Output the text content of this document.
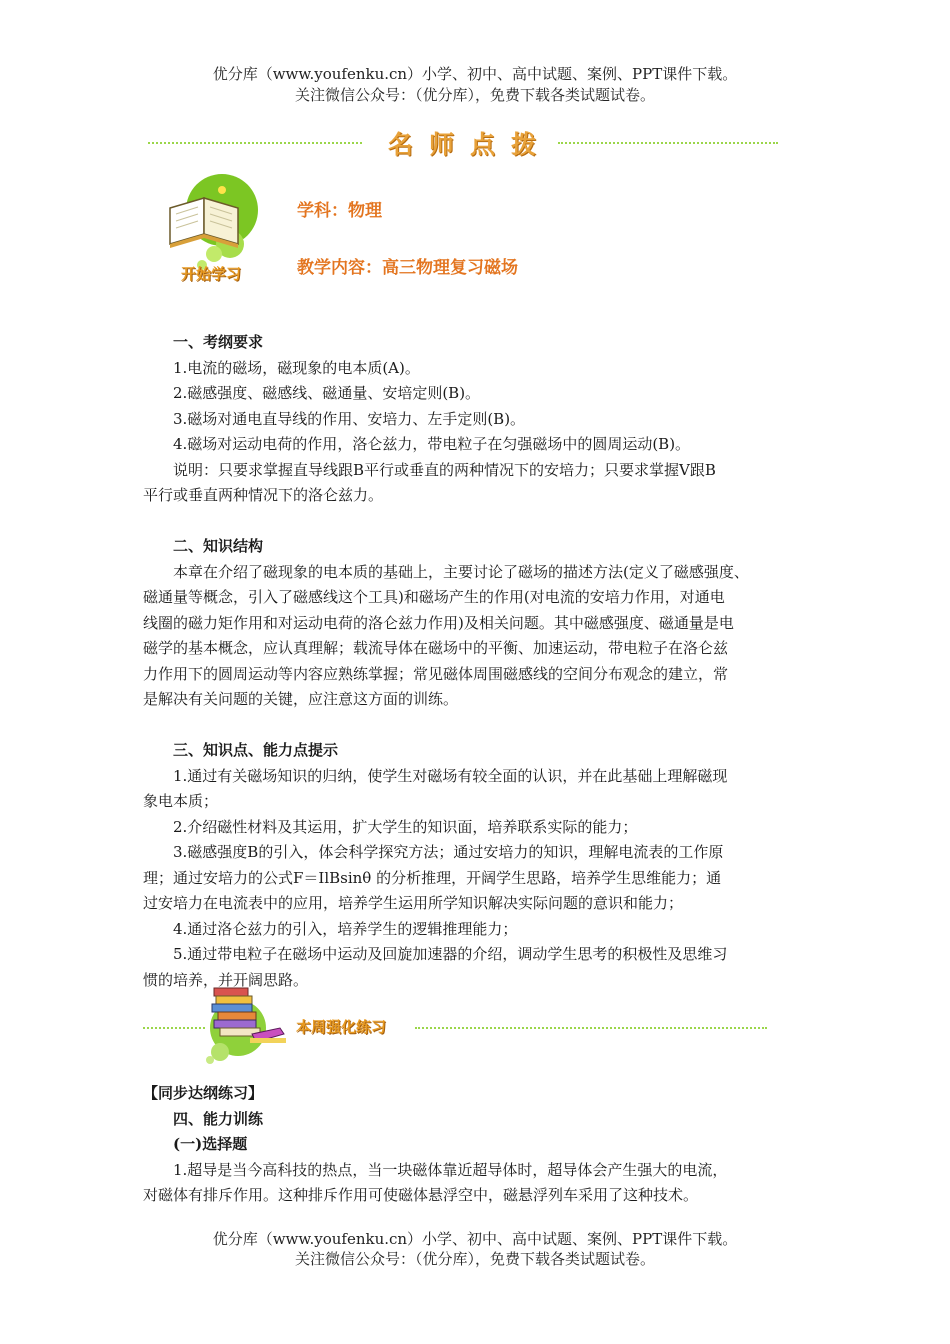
优分库（www.youfenku.cn）小学、初中、高中试题、案例、PPT课件下载。
关注微信公众号：（优分库），免费下载各类试题试卷。
名师点拨
开始学习
学科：物理
教学内容：高三物理复习磁场

一、考纲要求

1.电流的磁场，磁现象的电本质(A)。

2.磁感强度、磁感线、磁通量、安培定则(B)。

3.磁场对通电直导线的作用、安培力、左手定则(B)。

4.磁场对运动电荷的作用，洛仑兹力，带电粒子在匀强磁场中的圆周运动(B)。

说明：只要求掌握直导线跟B平行或垂直的两种情况下的安培力；只要求掌握V跟B

平行或垂直两种情况下的洛仑兹力。

二、知识结构

本章在介绍了磁现象的电本质的基础上，主要讨论了磁场的描述方法(定义了磁感强度、

磁通量等概念，引入了磁感线这个工具)和磁场产生的作用(对电流的安培力作用，对通电

线圈的磁力矩作用和对运动电荷的洛仑兹力作用)及相关问题。其中磁感强度、磁通量是电

磁学的基本概念，应认真理解；载流导体在磁场中的平衡、加速运动，带电粒子在洛仑兹

力作用下的圆周运动等内容应熟练掌握；常见磁体周围磁感线的空间分布观念的建立，常

是解决有关问题的关键，应注意这方面的训练。

三、知识点、能力点提示

1.通过有关磁场知识的归纳，使学生对磁场有较全面的认识，并在此基础上理解磁现

象电本质；

2.介绍磁性材料及其运用，扩大学生的知识面，培养联系实际的能力；

3.磁感强度B的引入，体会科学探究方法；通过安培力的知识，理解电流表的工作原

理；通过安培力的公式F＝IlBsinθ 的分析推理，开阔学生思路，培养学生思维能力；通

过安培力在电流表中的应用，培养学生运用所学知识解决实际问题的意识和能力；

4.通过洛仑兹力的引入，培养学生的逻辑推理能力；

5.通过带电粒子在磁场中运动及回旋加速器的介绍，调动学生思考的积极性及思维习

惯的培养，并开阔思路。

本周强化练习

【同步达纲练习】

四、能力训练

(一)选择题

1.超导是当今高科技的热点，当一块磁体靠近超导体时，超导体会产生强大的电流，

对磁体有排斥作用。这种排斥作用可使磁体悬浮空中，磁悬浮列车采用了这种技术。

优分库（www.youfenku.cn）小学、初中、高中试题、案例、PPT课件下载。
关注微信公众号：（优分库），免费下载各类试题试卷。
